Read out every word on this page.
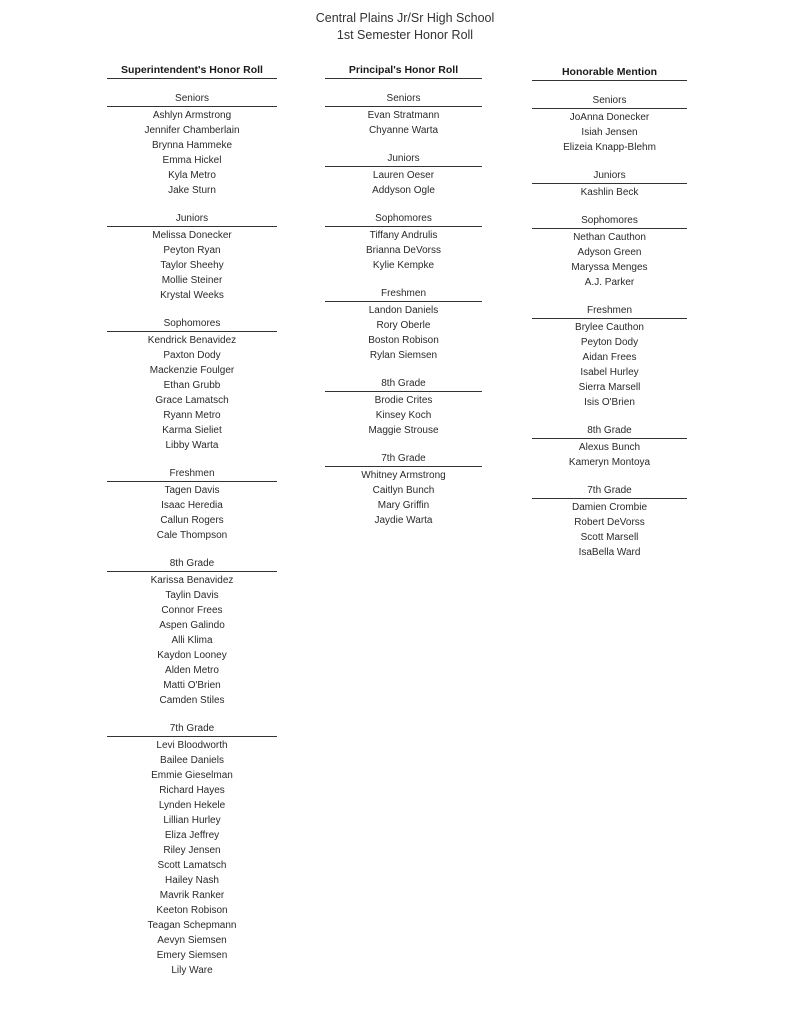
Central Plains Jr/Sr High School
1st Semester Honor Roll
Superintendent's Honor Roll
Seniors
Ashlyn Armstrong
Jennifer Chamberlain
Brynna Hammeke
Emma Hickel
Kyla Metro
Jake Sturn
Juniors
Melissa Donecker
Peyton Ryan
Taylor Sheehy
Mollie Steiner
Krystal Weeks
Sophomores
Kendrick Benavidez
Paxton Dody
Mackenzie Foulger
Ethan Grubb
Grace Lamatsch
Ryann Metro
Karma Sieliet
Libby Warta
Freshmen
Tagen Davis
Isaac Heredia
Callun Rogers
Cale Thompson
8th Grade
Karissa Benavidez
Taylin Davis
Connor Frees
Aspen Galindo
Alli Klima
Kaydon Looney
Alden Metro
Matti O'Brien
Camden Stiles
7th Grade
Levi Bloodworth
Bailee Daniels
Emmie Gieselman
Richard Hayes
Lynden Hekele
Lillian Hurley
Eliza Jeffrey
Riley Jensen
Scott Lamatsch
Hailey Nash
Mavrik Ranker
Keeton Robison
Teagan Schepmann
Aevyn Siemsen
Emery Siemsen
Lily Ware
Principal's Honor Roll
Seniors
Evan Stratmann
Chyanne Warta
Juniors
Lauren Oeser
Addyson Ogle
Sophomores
Tiffany Andrulis
Brianna DeVorss
Kylie Kempke
Freshmen
Landon Daniels
Rory Oberle
Boston Robison
Rylan Siemsen
8th Grade
Brodie Crites
Kinsey Koch
Maggie Strouse
7th Grade
Whitney Armstrong
Caitlyn Bunch
Mary Griffin
Jaydie Warta
Honorable Mention
Seniors
JoAnna Donecker
Isiah Jensen
Elizeia Knapp-Blehm
Juniors
Kashlin Beck
Sophomores
Nethan Cauthon
Adyson Green
Maryssa Menges
A.J. Parker
Freshmen
Brylee Cauthon
Peyton Dody
Aidan Frees
Isabel Hurley
Sierra Marsell
Isis O'Brien
8th Grade
Alexus Bunch
Kameryn Montoya
7th Grade
Damien Crombie
Robert DeVorss
Scott Marsell
IsaBella Ward
